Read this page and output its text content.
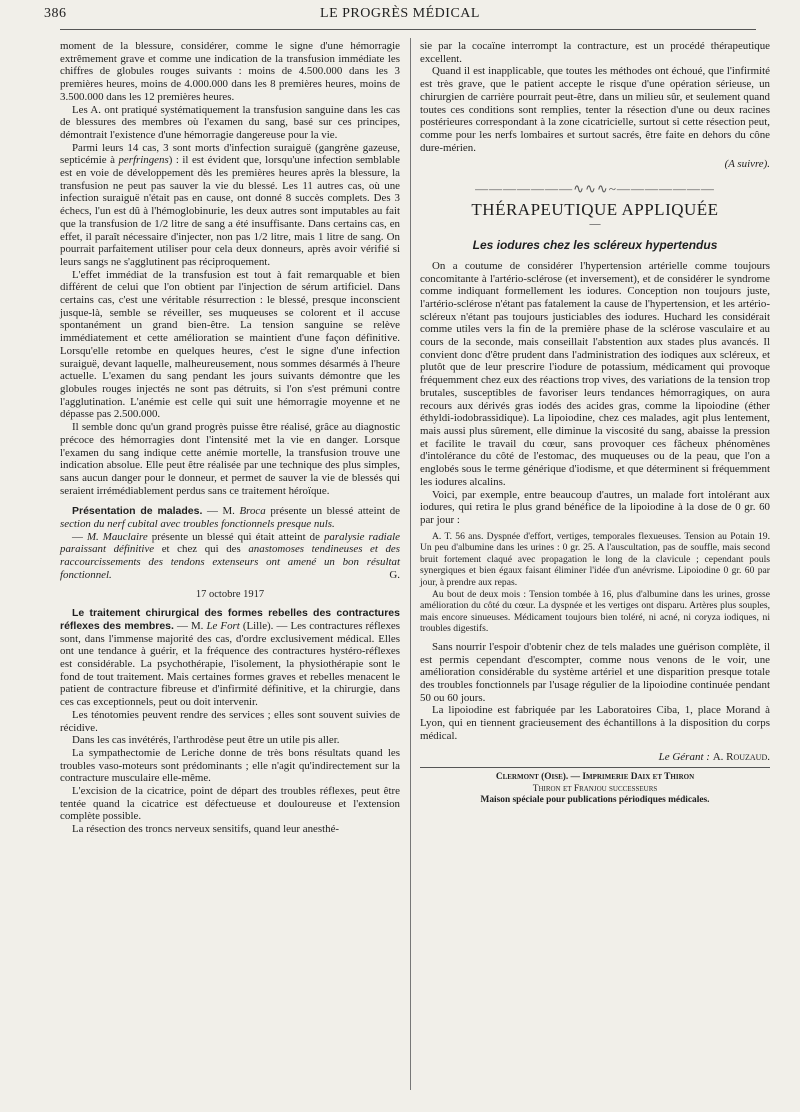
386	LE PROGRÈS MÉDICAL

moment de la blessure, considérer, comme le signe d'une hémorragie extrêmement grave et comme une indication de la transfusion immédiate les chiffres de globules rouges suivants : moins de 4.500.000 dans les 3 premières heures, moins de 4.000.000 dans les 8 premières heures, moins de 3.500.000 dans les 12 premières heures.

Les A. ont pratiqué systématiquement la transfusion sanguine dans les cas de blessures des membres où l'examen du sang, basé sur ces principes, démontrait l'existence d'une hémorragie dangereuse pour la vie.

Parmi leurs 14 cas, 3 sont morts d'infection suraiguë (gangrène gazeuse, septicémie à perfringens) : il est évident que, lorsqu'une infection semblable est en voie de développement dès les premières heures après la blessure, la transfusion ne peut pas sauver la vie du blessé. Les 11 autres cas, où une infection suraiguë n'était pas en cause, ont donné 8 succès complets. Des 3 échecs, l'un est dû à l'hémoglobinurie, les deux autres sont imputables au fait que la transfusion de 1/2 litre de sang a été insuffisante. Dans certains cas, en effet, il paraît nécessaire d'injecter, non pas 1/2 litre, mais 1 litre de sang. On pourrait parfaitement utiliser pour cela deux donneurs, après avoir vérifié si leurs sangs ne s'agglutinent pas réciproquement.

L'effet immédiat de la transfusion est tout à fait remarquable et bien différent de celui que l'on obtient par l'injection de sérum artificiel. Dans certains cas, c'est une véritable résurrection : le blessé, presque inconscient jusque-là, semble se réveiller, ses muqueuses se colorent et il accuse spontanément un grand bien-être. La tension sanguine se relève immédiatement et cette amélioration se maintient d'une façon définitive. Lorsqu'elle retombe en quelques heures, c'est le signe d'une infection suraiguë, devant laquelle, malheureusement, nous sommes désarmés à l'heure actuelle. L'examen du sang pendant les jours suivants démontre que les globules rouges injectés ne sont pas détruits, si l'on s'est prémuni contre l'agglutination. L'anémie est celle qui suit une hémorragie moyenne et ne dépasse pas 2.500.000.

Il semble donc qu'un grand progrès puisse être réalisé, grâce au diagnostic précoce des hémorragies dont l'intensité met la vie en danger. Lorsque l'examen du sang indique cette anémie mortelle, la transfusion trouve une indication absolue. Elle peut être réalisée par une technique des plus simples, sans aucun danger pour le donneur, et permet de sauver la vie de blessés qui seraient irrémédiablement perdus sans ce traitement héroïque.

Présentation de malades. — M. Broca présente un blessé atteint de section du nerf cubital avec troubles fonctionnels presque nuls.

— M. Mauclaire présente un blessé qui était atteint de paralysie radiale paraissant définitive et chez qui des anastomoses tendineuses et des raccourcissements des tendons extenseurs ont amené un bon résultat fonctionnel.	G.

17 octobre 1917

Le traitement chirurgical des formes rebelles des contractures réflexes des membres. — M. Le Fort (Lille). — Les contractures réflexes sont, dans l'immense majorité des cas, d'ordre exclusivement médical. Elles ont une tendance à guérir, et la fréquence des contractures hystéro-réflexes est considérable. La psychothérapie, l'isolement, la physiothérapie sont le fond de tout traitement. Mais certaines formes graves et rebelles menacent le patient de contracture fibreuse et d'infirmité définitive, et la chirurgie, dans ces cas exceptionnels, peut ou doit intervenir.

Les ténotomies peuvent rendre des services ; elles sont souvent suivies de récidive.

Dans les cas invétérés, l'arthrodèse peut être un utile pis aller.

La sympathectomie de Leriche donne de très bons résultats quand les troubles vaso-moteurs sont prédominants ; elle n'agit qu'indirectement sur la contracture musculaire elle-même.

L'excision de la cicatrice, point de départ des troubles réflexes, peut être tentée quand la cicatrice est défectueuse et douloureuse et l'extension complète possible.

La résection des troncs nerveux sensitifs, quand leur anesthé-

sie par la cocaïne interrompt la contracture, est un procédé thérapeutique excellent.

Quand il est inapplicable, que toutes les méthodes ont échoué, que l'infirmité est très grave, que le patient accepte le risque d'une opération sérieuse, un chirurgien de carrière pourrait peut-être, dans un milieu sûr, et seulement quand toutes ces conditions sont remplies, tenter la résection d'une ou deux racines postérieures correspondant à la zone cicatricielle, surtout si cette résection peut, comme pour les nerfs lombaires et surtout sacrés, être faite en dehors du cône dure-mérien.

(A suivre).
———————∿∿∿~———————
THÉRAPEUTIQUE APPLIQUÉE
—
Les iodures chez les scléreux hypertendus

On a coutume de considérer l'hypertension artérielle comme toujours concomitante à l'artério-sclérose (et inversement), et de considérer le syndrome comme indiquant formellement les iodures. Conception non toujours juste, l'artério-sclérose n'étant pas fatalement la cause de l'hypertension, et les artério-scléreux n'étant pas toujours justiciables des iodures. Huchard les considérait comme utiles vers la fin de la première phase de la sclérose vasculaire et au cours de la seconde, mais conseillait l'abstention aux stades plus avancés. Il convient donc d'être prudent dans l'administration des iodiques aux scléreux, et plutôt que de leur prescrire l'iodure de potassium, médicament qui provoque fréquemment chez eux des réactions trop vives, des variations de la tension trop brutales, susceptibles de favoriser leurs tendances hémorragiques, on aura recours aux dérivés gras iodés des acides gras, comme la lipoiodine (éther éthyldi-iodobrassidique). La lipoiodine, chez ces malades, agit plus lentement, mais aussi plus sûrement, elle diminue la viscosité du sang, abaisse la pression et facilite le travail du cœur, sans provoquer ces fâcheux phénomènes d'intolérance du côté de l'estomac, des muqueuses ou de la peau, que l'on a englobés sous le terme générique d'iodisme, et que déterminent si fréquemment les iodures alcalins.

Voici, par exemple, entre beaucoup d'autres, un malade fort intolérant aux iodures, qui retira le plus grand bénéfice de la lipoiodine à la dose de 0 gr. 60 par jour :

A. T. 56 ans. Dyspnée d'effort, vertiges, temporales flexueuses. Tension au Potain 19. Un peu d'albumine dans les urines : 0 gr. 25. A l'auscultation, pas de souffle, mais second bruit fortement claqué avec propagation le long de la clavicule ; cependant pouls synergiques et bien égaux faisant éliminer l'idée d'un anévrisme. Lipoiodine 0 gr. 60 par jour, à prendre aux repas.

Au bout de deux mois : Tension tombée à 16, plus d'albumine dans les urines, grosse amélioration du côté du cœur. La dyspnée et les vertiges ont disparu. Artères plus souples, mais encore sinueuses. Médicament toujours bien toléré, ni acné, ni coryza iodiques, ni troubles digestifs.

Sans nourrir l'espoir d'obtenir chez de tels malades une guérison complète, il est permis cependant d'escompter, comme nous venons de le voir, une amélioration considérable du système artériel et une disparition presque totale des troubles fonctionnels par l'usage régulier de la lipoiodine continuée pendant 50 ou 60 jours.

La lipoiodine est fabriquée par les Laboratoires Ciba, 1, place Morand à Lyon, qui en tiennent gracieusement des échantillons à la disposition du corps médical.

Le Gérant : A. Rouzaud.
Clermont (Oise). — Imprimerie Daix et Thiron
Thiron et Franjou successeurs
Maison spéciale pour publications périodiques médicales.
